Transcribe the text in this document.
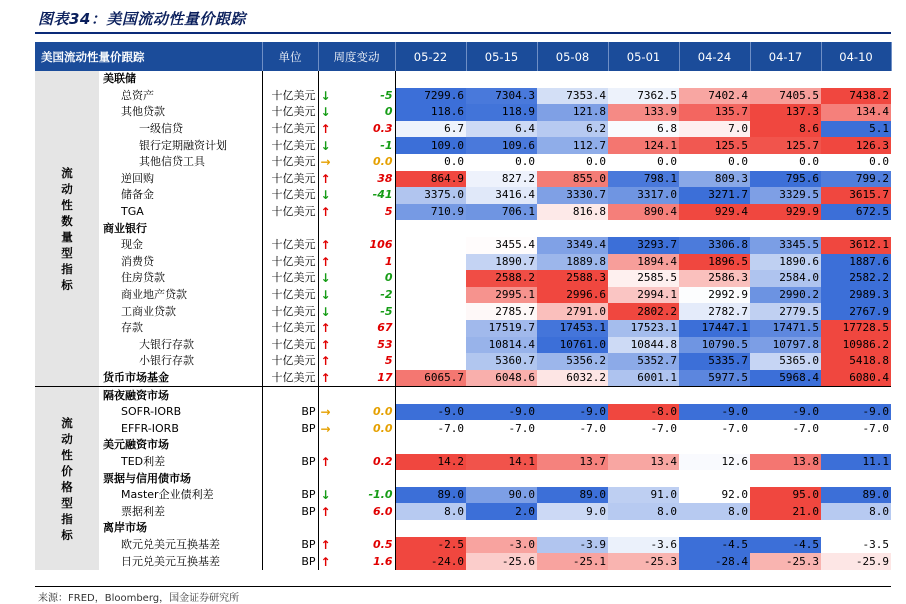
图表34：美国流动性量价跟踪
美国流动性量价跟踪		单位	周度变动		05-22	05-15	05-08	05-01	04-24	04-17	04-10
流动性数量型指标	美联储										
	总资产	十亿美元	↓	-5	7299.6	7304.3	7353.4	7362.5	7402.4	7405.5	7438.2
	其他贷款	十亿美元	↓	0	118.6	118.9	121.8	133.9	135.7	137.3	134.4
	一级信贷	十亿美元	↑	0.3	6.7	6.4	6.2	6.8	7.0	8.6	5.1
	银行定期融资计划	十亿美元	↓	-1	109.0	109.6	112.7	124.1	125.5	125.7	126.3
	其他信贷工具	十亿美元	→	0.0	0.0	0.0	0.0	0.0	0.0	0.0	0.0
	逆回购	十亿美元	↑	38	864.9	827.2	855.0	798.1	809.3	795.6	799.2
	储备金	十亿美元	↓	-41	3375.0	3416.4	3330.7	3317.0	3271.7	3329.5	3615.7
	TGA	十亿美元	↑	5	710.9	706.1	816.8	890.4	929.4	929.9	672.5
	商业银行										
	现金	十亿美元	↑	106		3455.4	3349.4	3293.7	3306.8	3345.5	3612.1
	消费贷	十亿美元	↑	1		1890.7	1889.8	1894.4	1896.5	1890.6	1887.6
	住房贷款	十亿美元	↓	0		2588.2	2588.3	2585.5	2586.3	2584.0	2582.2
	商业地产贷款	十亿美元	↓	-2		2995.1	2996.6	2994.1	2992.9	2990.2	2989.3
	工商业贷款	十亿美元	↓	-5		2785.7	2791.0	2802.2	2782.7	2779.5	2767.9
	存款	十亿美元	↑	67		17519.7	17453.1	17523.1	17447.1	17471.5	17728.5
	大银行存款	十亿美元	↑	53		10814.4	10761.0	10844.8	10790.5	10797.8	10986.2
	小银行存款	十亿美元	↑	5		5360.7	5356.2	5352.7	5335.7	5365.0	5418.8
	货币市场基金	十亿美元	↑	17	6065.7	6048.6	6032.2	6001.1	5977.5	5968.4	6080.4
流动性价格型指标	隔夜融资市场										
	SOFR-IORB	BP	→	0.0	-9.0	-9.0	-9.0	-8.0	-9.0	-9.0	-9.0
	EFFR-IORB	BP	→	0.0	-7.0	-7.0	-7.0	-7.0	-7.0	-7.0	-7.0
	美元融资市场										
	TED利差	BP	↑	0.2	14.2	14.1	13.7	13.4	12.6	13.8	11.1
	票据与信用债市场										
	Master企业债利差	BP	↓	-1.0	89.0	90.0	89.0	91.0	92.0	95.0	89.0
	票据利差	BP	↑	6.0	8.0	2.0	9.0	8.0	8.0	21.0	8.0
	离岸市场										
	欧元兑美元互换基差	BP	↑	0.5	-2.5	-3.0	-3.9	-3.6	-4.5	-4.5	-3.5
	日元兑美元互换基差	BP	↑	1.6	-24.0	-25.6	-25.1	-25.3	-28.4	-25.3	-25.9
来源：FRED，Bloomberg，国金证券研究所
